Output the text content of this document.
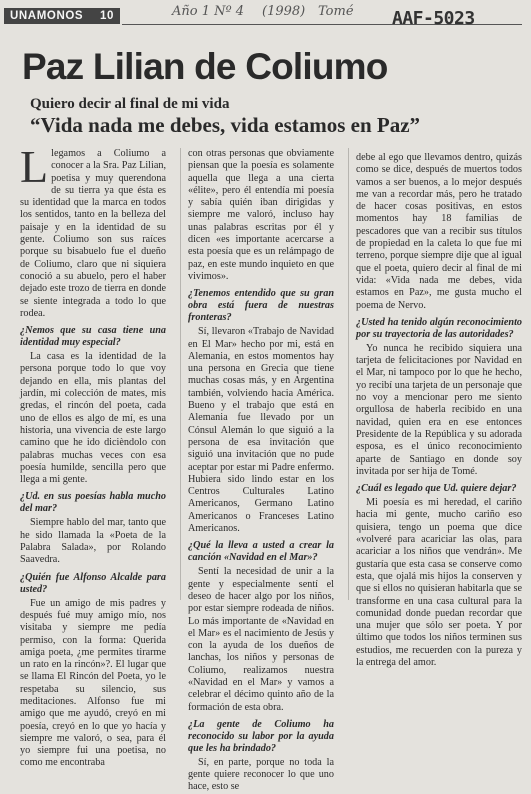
UNAMONOS 10	Año 1 Nº 4 (1998) Tomé AAF-5023
Paz Lilian de Coliumo

Quiero decir al final de mi vida

“Vida nada me debes, vida estamos en Paz”

Llegamos a Coliumo a conocer a la Sra. Paz Lilian, poetisa y muy querendona de su tierra ya que ésta es su identidad que la marca en todos los sentidos, tanto en la belleza del paisaje y en la identidad de su gente. Coliumo son sus raíces porque su bisabuelo fue el dueño de Coliumo, claro que ni siquiera conoció a su abuelo, pero el haber dejado este trozo de tierra en donde se siente integrada a todo lo que rodea.

¿Nemos que su casa tiene una identidad muy especial?

La casa es la identidad de la persona porque todo lo que voy dejando en ella, mis plantas del jardín, mi colección de mates, mis gredas, el rincón del poeta, cada uno de ellos es algo de mí, es una historia, una vivencia de este largo camino que he ido dicièndolo con palabras muchas veces con esa poesía humilde, sencilla pero que llega a mi gente.

¿Ud. en sus poesías habla mucho del mar?

Siempre hablo del mar, tanto que he sido llamada la «Poeta de la Palabra Salada», por Rolando Saavedra.

¿Quién fue Alfonso Alcalde para usted?

Fue un amigo de mis padres y después fué muy amigo mío, nos visitaba y siempre me pedía permiso, con la forma: Querida amiga poeta, ¿me permites tirarme un rato en la rincón»?. El lugar que se llama El Rincón del Poeta, yo le respetaba su silencio, sus meditaciones. Alfonso fue mi amigo que me ayudó, creyó en mi poesía, creyó en lo que yo hacía y siempre me valoró, o sea, para él yo siempre fui una poetisa, no como me encontraba

con otras personas que obviamente piensan que la poesía es solamente aquella que llega a una cierta «élite», pero él entendía mi poesía y sabía quién iban dirigidas y siempre me valoró, incluso hay unas palabras escritas por él y dicen «es importante acercarse a esta poesía que es un relámpago de paz, en este mundo inquieto en que vivimos».

¿Tenemos entendido que su gran obra está fuera de nuestras fronteras?

Sí, llevaron «Trabajo de Navidad en El Mar» hecho por mi, está en Alemania, en estos momentos hay una persona en Grecia que tiene muchas cosas más, y en Argentina también, volviendo hacia América. Bueno y el trabajo que está en Alemania fue llevado por un Cónsul Alemán lo que siguió a la persona de esa invitación que siguió una invitación que no pude aceptar por estar mi Padre enfermo. Hubiera sido lindo estar en los Centros Culturales Latino Americanos, Germano Latino Americanos o Franceses Latino Americanos.

¿Qué la lleva a usted a crear la canción «Navidad en el Mar»?

Sentí la necesidad de unir a la gente y especialmente sentí el deseo de hacer algo por los niños, por estar siempre rodeada de niños. Lo más importante de «Navidad en el Mar» es el nacimiento de Jesús y con la ayuda de los dueños de lanchas, los niños y personas de Coliumo, realizamos nuestra «Navidad en el Mar» y vamos a celebrar el décimo quinto año de la formación de esta obra.

¿La gente de Coliumo ha reconocido su labor por la ayuda que les ha brindado?

Sí, en parte, porque no toda la gente quiere reconocer lo que uno hace, esto se

debe al ego que llevamos dentro, quizás como se dice, después de muertos todos vamos a ser buenos, a lo mejor después me van a recordar más, pero he tratado de hacer cosas positivas, en estos momentos hay 18 familias de pescadores que van a recibir sus títulos de propiedad en la caleta lo que fue mi terreno, porque siempre dije que al igual que el poeta, quiero decir al final de mi vida: «Vida nada me debes, vida estamos en Paz», me gusta mucho el poema de Nervo.

¿Usted ha tenido algún reconocimiento por su trayectoria de las autoridades?

Yo nunca he recibido siquiera una tarjeta de felicitaciones por Navidad en el Mar, ni tampoco por lo que he hecho, yo recibí una tarjeta de un personaje que no voy a mencionar pero me siento orgullosa de haberla recibido en una navidad, quien era en ese entonces Presidente de la República y su adorada esposa, es el único reconocimiento aparte de Santiago en donde soy invitada por ser hija de Tomé.

¿Cuál es legado que Ud. quiere dejar?

Mi poesía es mi heredad, el cariño hacia mi gente, mucho cariño eso quisiera, tengo un poema que dice «volveré para acariciar las olas, para acariciar a los niños que vendrán». Me gustaría que esta casa se conserve como esta, que ojalá mis hijos la conserven y que si ellos no quisieran habitarla que se transforme en una casa cultural para la comunidad donde puedan recordar que una mujer que sólo ser poeta. Y por último que todos los niños terminen sus estudios, me recuerden con la pureza y la entrega del amor.
